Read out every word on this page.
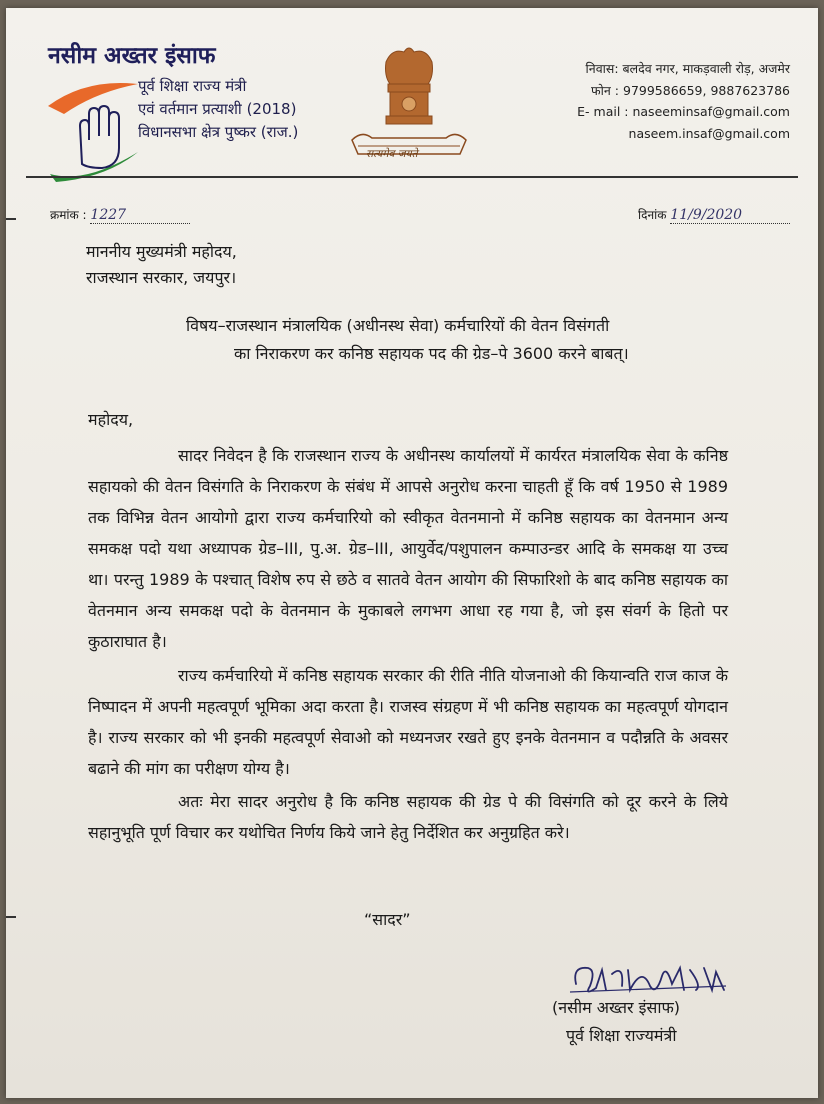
नसीम अख्तर इंसाफ
पूर्व शिक्षा राज्य मंत्री
एवं वर्तमान प्रत्याशी (2018)
विधानसभा क्षेत्र पुष्कर (राज.)
सत्यमेव जयते
निवास: बलदेव नगर, माकड़वाली रोड़, अजमेर
फोन : 9799586659, 9887623786
E- mail : naseeminsaf@gmail.com
naseem.insaf@gmail.com
क्रमांक : 1227	दिनांक 11/9/2020
माननीय मुख्यमंत्री महोदय,
राजस्थान सरकार, जयपुर।
विषय–राजस्थान मंत्रालयिक (अधीनस्थ सेवा) कर्मचारियों की वेतन विसंगती
का निराकरण कर कनिष्ठ सहायक पद की ग्रेड–पे 3600 करने बाबत्।
महोदय,
सादर निवेदन है कि राजस्थान राज्य के अधीनस्थ कार्यालयों में कार्यरत मंत्रालयिक सेवा के कनिष्ठ सहायको की वेतन विसंगति के निराकरण के संबंध में आपसे अनुरोध करना चाहती हूँ कि वर्ष 1950 से 1989 तक विभिन्न वेतन आयोगो द्वारा राज्य कर्मचारियो को स्वीकृत वेतनमानो में कनिष्ठ सहायक का वेतनमान अन्य समकक्ष पदो यथा अध्यापक ग्रेड–III, पु.अ. ग्रेड–III, आयुर्वेद/पशुपालन कम्पाउन्डर आदि के समकक्ष या उच्च था। परन्तु 1989 के पश्चात् विशेष रुप से छठे व सातवे वेतन आयोग की सिफारिशो के बाद कनिष्ठ सहायक का वेतनमान अन्य समकक्ष पदो के वेतनमान के मुकाबले लगभग आधा रह गया है, जो इस संवर्ग के हितो पर कुठाराघात है।
राज्य कर्मचारियो में कनिष्ठ सहायक सरकार की रीति नीति योजनाओ की कियान्वति राज काज के निष्पादन में अपनी महत्वपूर्ण भूमिका अदा करता है। राजस्व संग्रहण में भी कनिष्ठ सहायक का महत्वपूर्ण योगदान है। राज्य सरकार को भी इनकी महत्वपूर्ण सेवाओ को मध्यनजर रखते हुए इनके वेतनमान व पदौन्नति के अवसर बढाने की मांग का परीक्षण योग्य है।
अतः मेरा सादर अनुरोध है कि कनिष्ठ सहायक की ग्रेड पे की विसंगति को दूर करने के लिये सहानुभूति पूर्ण विचार कर यथोचित निर्णय किये जाने हेतु निर्देशित कर अनुग्रहित करे।
“सादर”
(नसीम अख्तर इंसाफ)
पूर्व शिक्षा राज्यमंत्री
